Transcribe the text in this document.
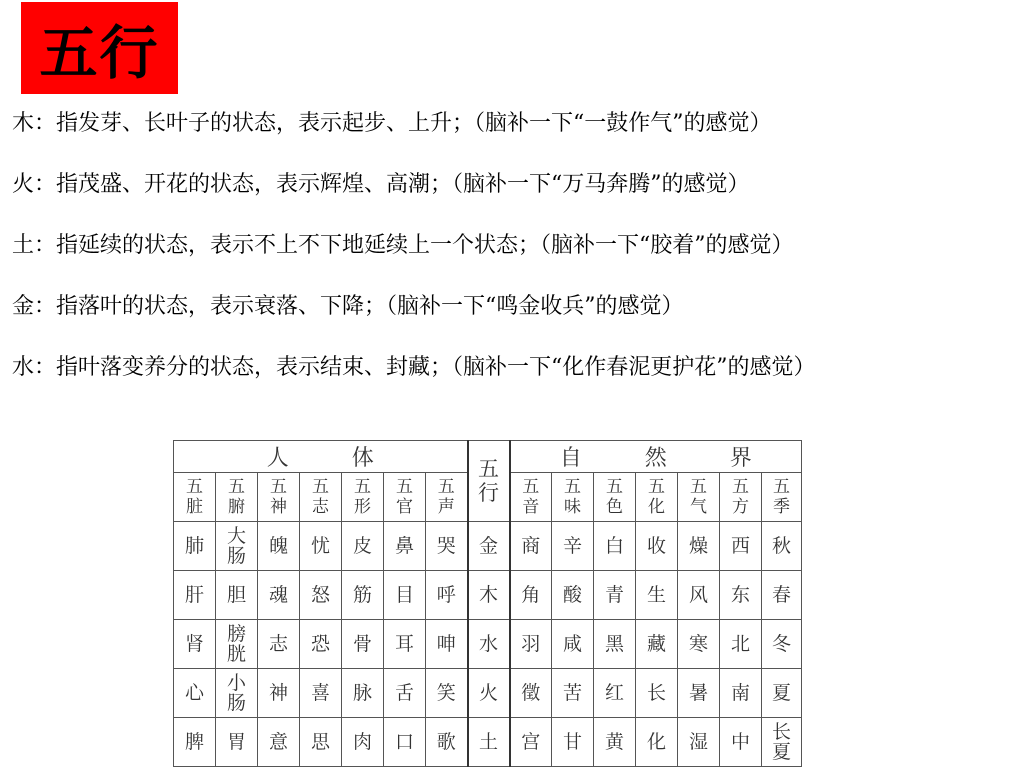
五行
木：指发芽、长叶子的状态，表示起步、上升；（脑补一下“一鼓作气”的感觉）
火：指茂盛、开花的状态，表示辉煌、高潮；（脑补一下“万马奔腾”的感觉）
土：指延续的状态，表示不上不下地延续上一个状态；（脑补一下“胶着”的感觉）
金：指落叶的状态，表示衰落、下降；（脑补一下“鸣金收兵”的感觉）
水：指叶落变养分的状态，表示结束、封藏；（脑补一下“化作春泥更护花”的感觉）
人 体							五行	自 然 界						
五脏	五腑	五神	五志	五形	五官	五声		五音	五味	五色	五化	五气	五方	五季
肺	大肠	魄	忧	皮	鼻	哭	金	商	辛	白	收	燥	西	秋
肝	胆	魂	怒	筋	目	呼	木	角	酸	青	生	风	东	春
肾	膀胱	志	恐	骨	耳	呻	水	羽	咸	黑	藏	寒	北	冬
心	小肠	神	喜	脉	舌	笑	火	徵	苦	红	长	暑	南	夏
脾	胃	意	思	肉	口	歌	土	宫	甘	黄	化	湿	中	长夏
